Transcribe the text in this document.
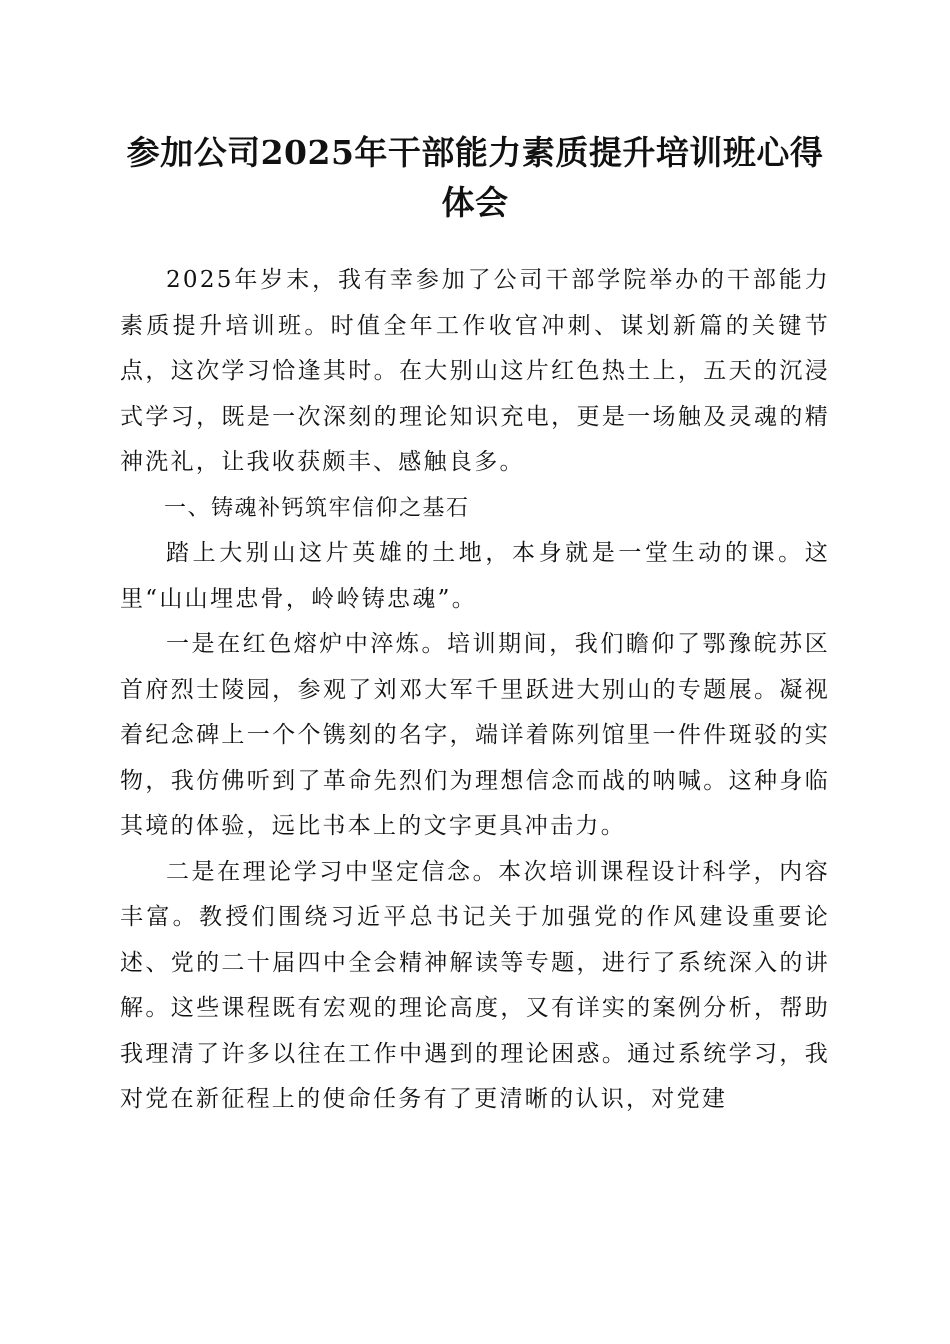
参加公司2025年干部能力素质提升培训班心得体会

2025年岁末，我有幸参加了公司干部学院举办的干部能力素质提升培训班。时值全年工作收官冲刺、谋划新篇的关键节点，这次学习恰逢其时。在大别山这片红色热土上，五天的沉浸式学习，既是一次深刻的理论知识充电，更是一场触及灵魂的精神洗礼，让我收获颇丰、感触良多。

一、铸魂补钙筑牢信仰之基石

踏上大别山这片英雄的土地，本身就是一堂生动的课。这里“山山埋忠骨，岭岭铸忠魂”。

一是在红色熔炉中淬炼。培训期间，我们瞻仰了鄂豫皖苏区首府烈士陵园，参观了刘邓大军千里跃进大别山的专题展。凝视着纪念碑上一个个镌刻的名字，端详着陈列馆里一件件斑驳的实物，我仿佛听到了革命先烈们为理想信念而战的呐喊。这种身临其境的体验，远比书本上的文字更具冲击力。

二是在理论学习中坚定信念。本次培训课程设计科学，内容丰富。教授们围绕习近平总书记关于加强党的作风建设重要论述、党的二十届四中全会精神解读等专题，进行了系统深入的讲解。这些课程既有宏观的理论高度，又有详实的案例分析，帮助我理清了许多以往在工作中遇到的理论困惑。通过系统学习，我对党在新征程上的使命任务有了更清晰的认识，对党建
